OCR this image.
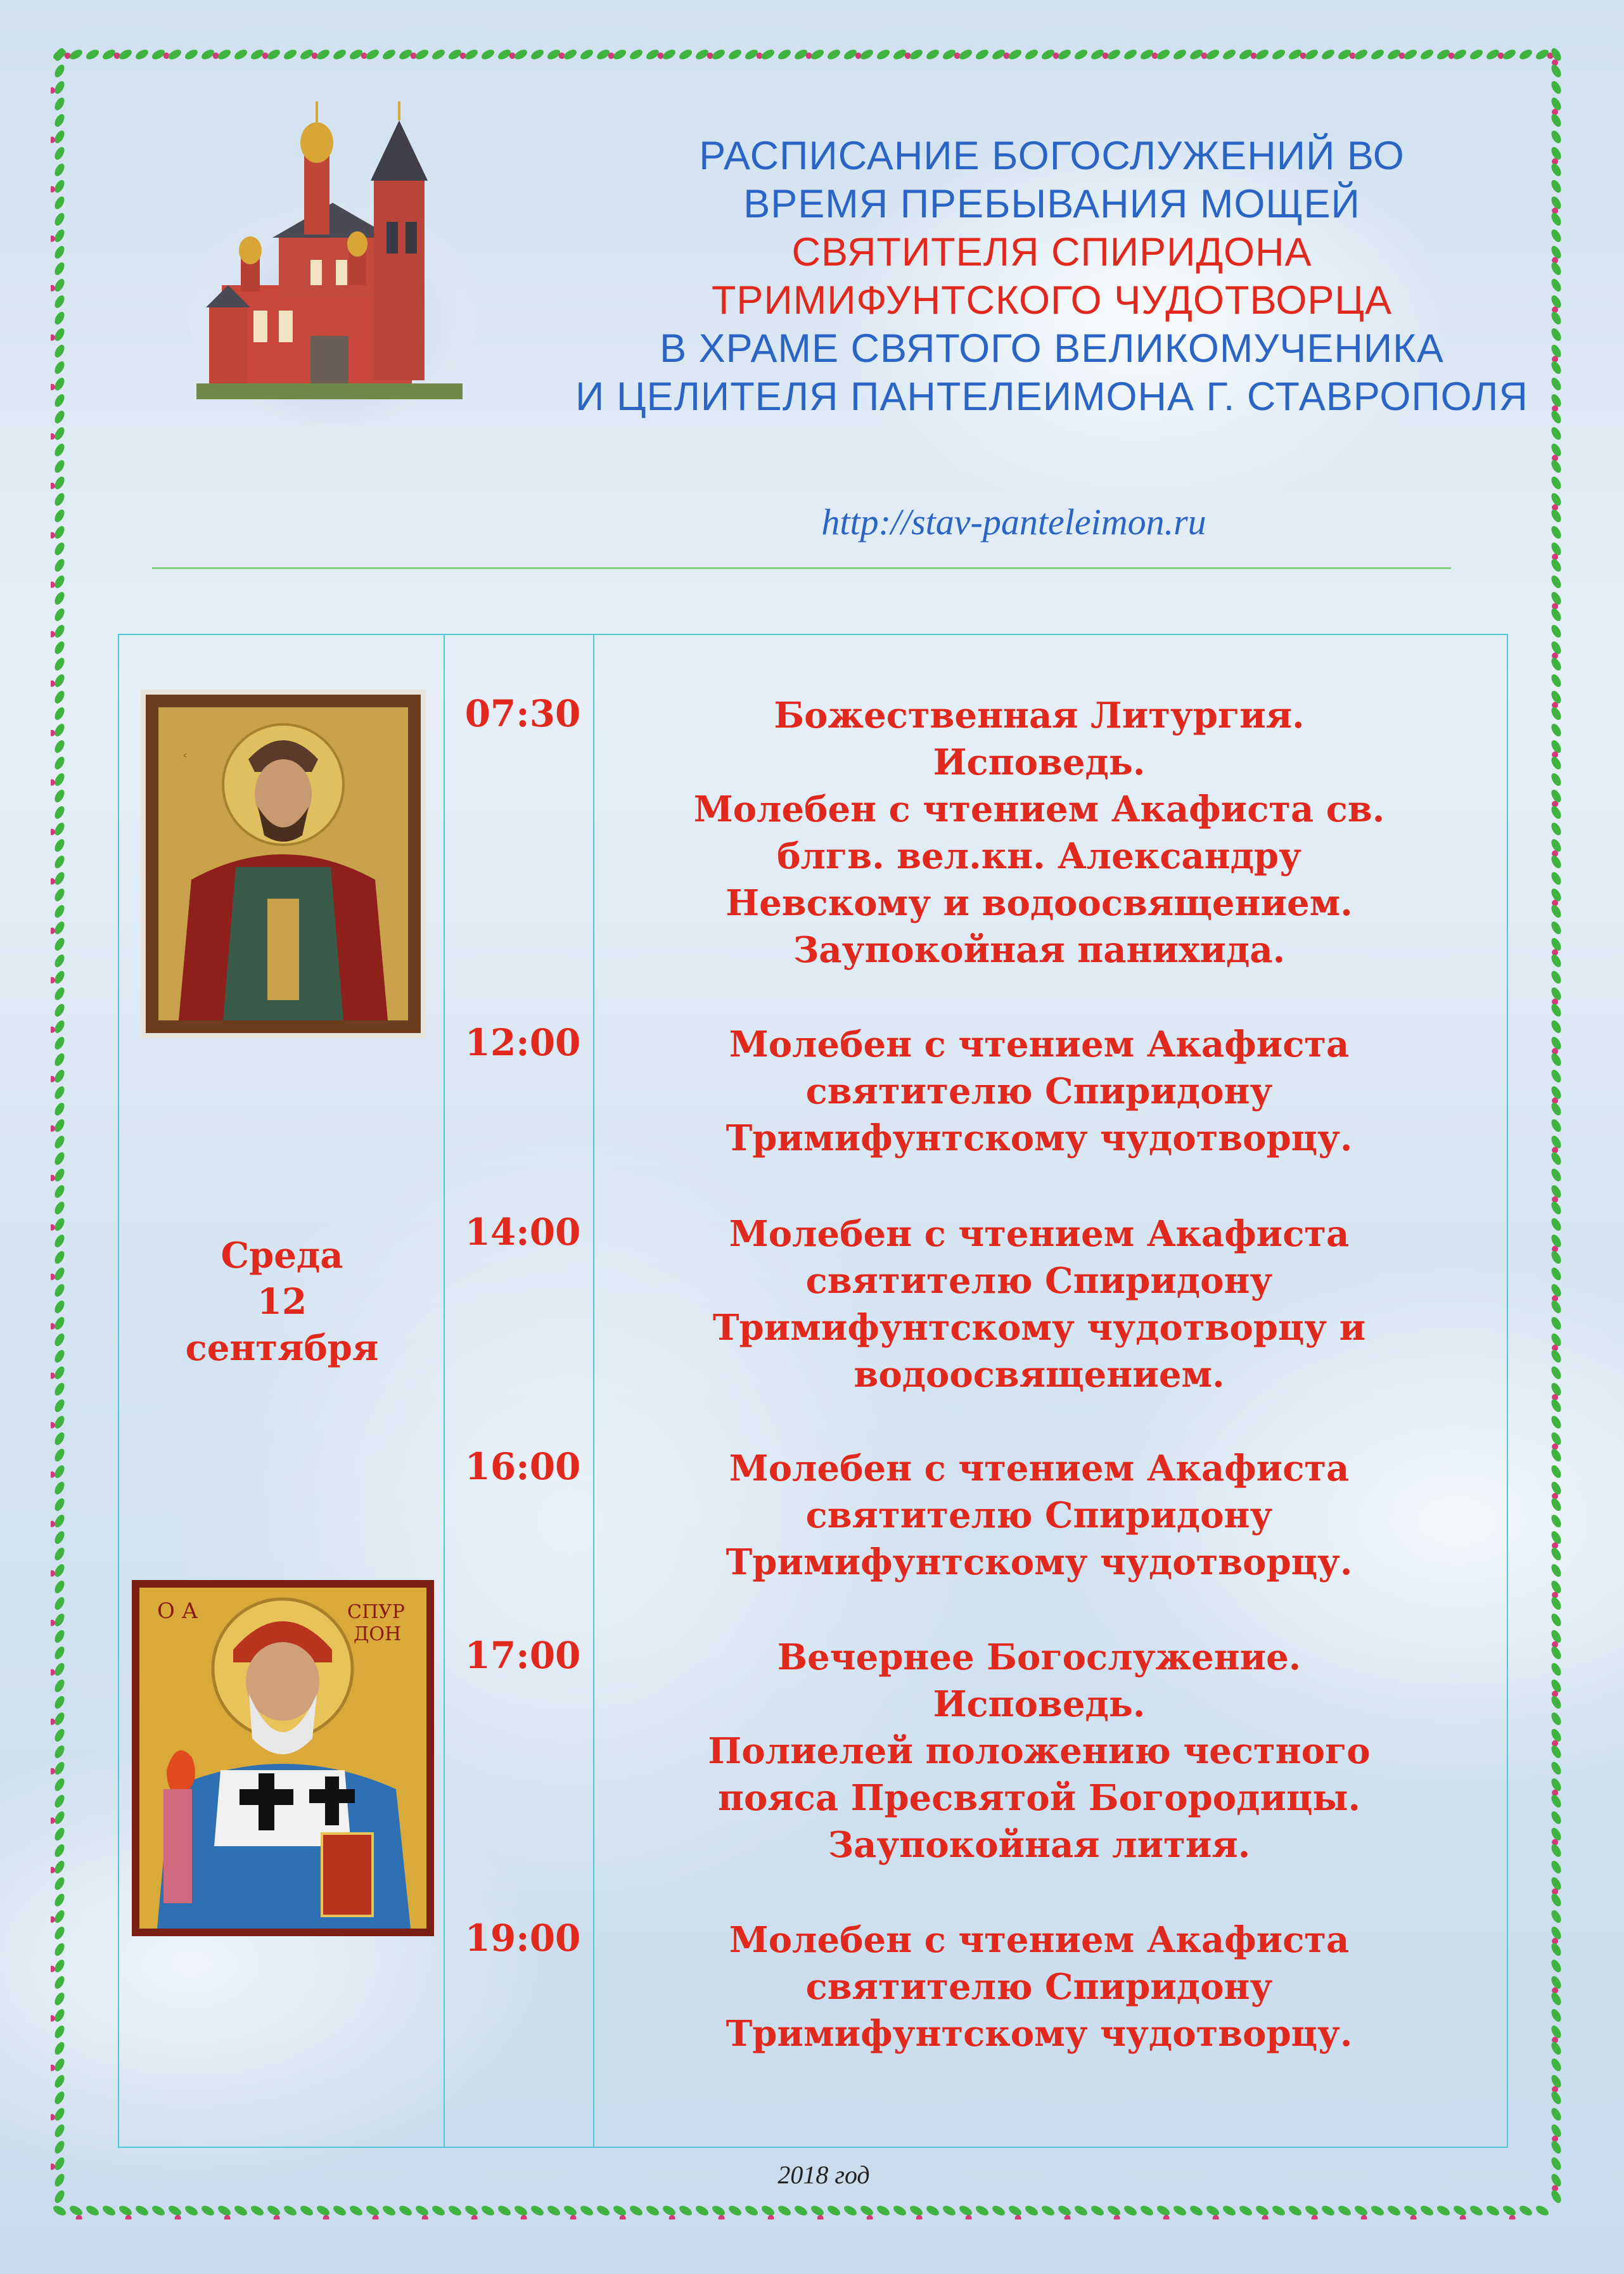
РАСПИСАНИЕ БОГОСЛУЖЕНИЙ ВО
ВРЕМЯ ПРЕБЫВАНИЯ МОЩЕЙ
СВЯТИТЕЛЯ СПИРИДОНА
ТРИМИФУНТСКОГО ЧУДОТВОРЦА
В ХРАМЕ СВЯТОГО ВЕЛИКОМУЧЕНИКА
И ЦЕЛИТЕЛЯ ПАНТЕЛЕИМОНА Г. СТАВРОПОЛЯ
http://stav-panteleimon.ru
О А	СПУР
ДОН
Среда
12
сентября
07:30	Божественная Литургия.
Исповедь.
Молебен с чтением Акафиста св.
блгв. вел.кн. Александру
Невскому и водоосвящением.
Заупокойная панихида.
12:00	Молебен с чтением Акафиста
святителю Спиридону
Тримифунтскому чудотворцу.
14:00	Молебен с чтением Акафиста
святителю Спиридону
Тримифунтскому чудотворцу и
водоосвящением.
16:00	Молебен с чтением Акафиста
святителю Спиридону
Тримифунтскому чудотворцу.
17:00	Вечернее Богослужение.
Исповедь.
Полиелей положению честного
пояса Пресвятой Богородицы.
Заупокойная лития.
19:00	Молебен с чтением Акафиста
святителю Спиридону
Тримифунтскому чудотворцу.
2018 год
